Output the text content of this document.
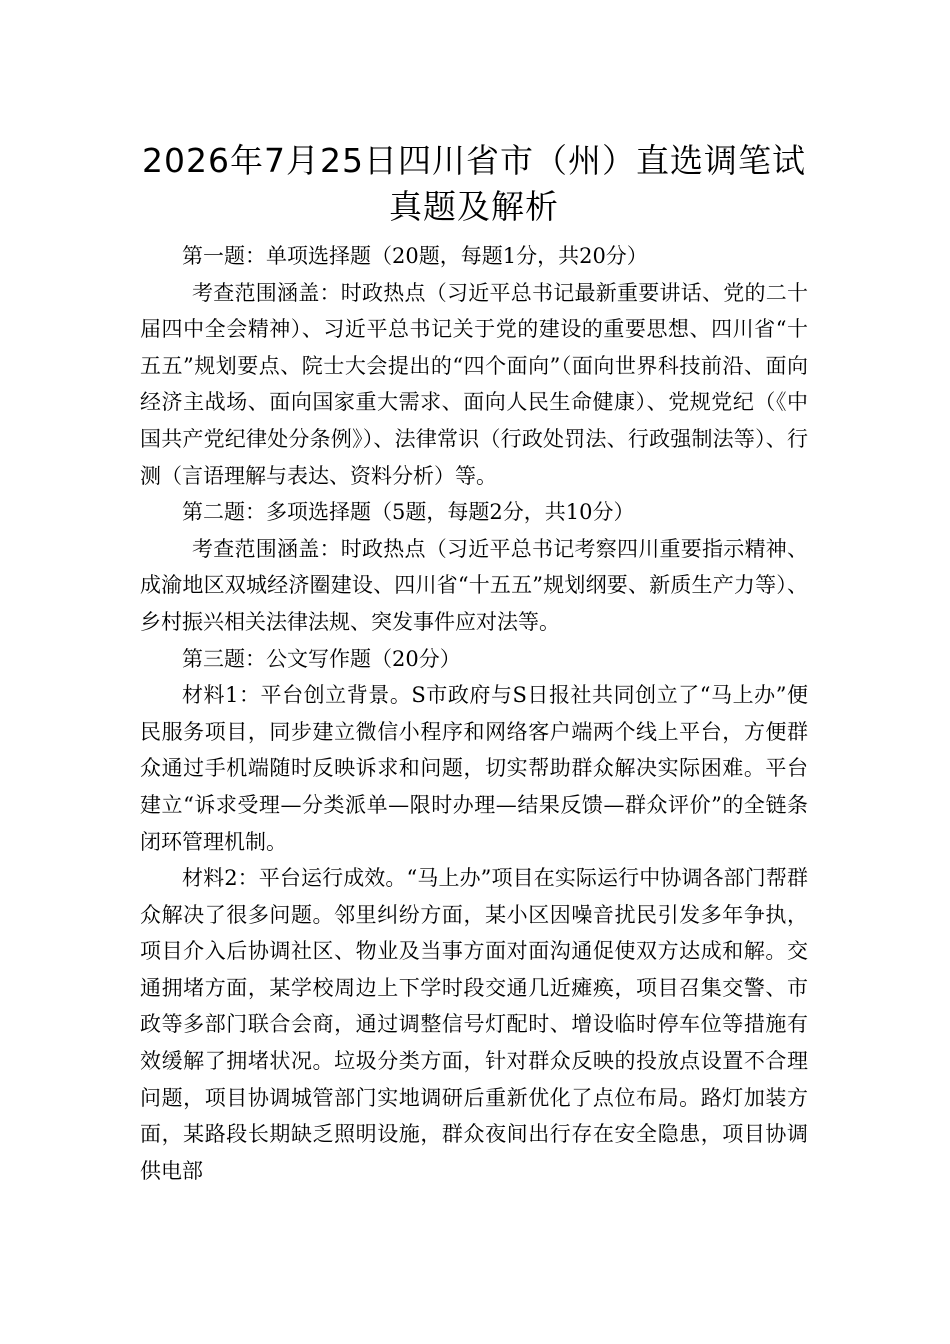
2026年7月25日四川省市（州）直选调笔试
真题及解析

第一题：单项选择题（20题，每题1分，共20分）

考查范围涵盖：时政热点（习近平总书记最新重要讲话、党的二十届四中全会精神）、习近平总书记关于党的建设的重要思想、四川省“十五五”规划要点、院士大会提出的“四个面向”（面向世界科技前沿、面向经济主战场、面向国家重大需求、面向人民生命健康）、党规党纪（《中国共产党纪律处分条例》）、法律常识（行政处罚法、行政强制法等）、行测（言语理解与表达、资料分析）等。

第二题：多项选择题（5题，每题2分，共10分）

考查范围涵盖：时政热点（习近平总书记考察四川重要指示精神、成渝地区双城经济圈建设、四川省“十五五”规划纲要、新质生产力等）、乡村振兴相关法律法规、突发事件应对法等。

第三题：公文写作题（20分）

材料1：平台创立背景。S市政府与S日报社共同创立了“马上办”便民服务项目，同步建立微信小程序和网络客户端两个线上平台，方便群众通过手机端随时反映诉求和问题，切实帮助群众解决实际困难。平台建立“诉求受理—分类派单—限时办理—结果反馈—群众评价”的全链条闭环管理机制。

材料2：平台运行成效。“马上办”项目在实际运行中协调各部门帮群众解决了很多问题。邻里纠纷方面，某小区因噪音扰民引发多年争执，项目介入后协调社区、物业及当事方面对面沟通促使双方达成和解。交通拥堵方面，某学校周边上下学时段交通几近瘫痪，项目召集交警、市政等多部门联合会商，通过调整信号灯配时、增设临时停车位等措施有效缓解了拥堵状况。垃圾分类方面，针对群众反映的投放点设置不合理问题，项目协调城管部门实地调研后重新优化了点位布局。路灯加装方面，某路段长期缺乏照明设施，群众夜间出行存在安全隐患，项目协调供电部
